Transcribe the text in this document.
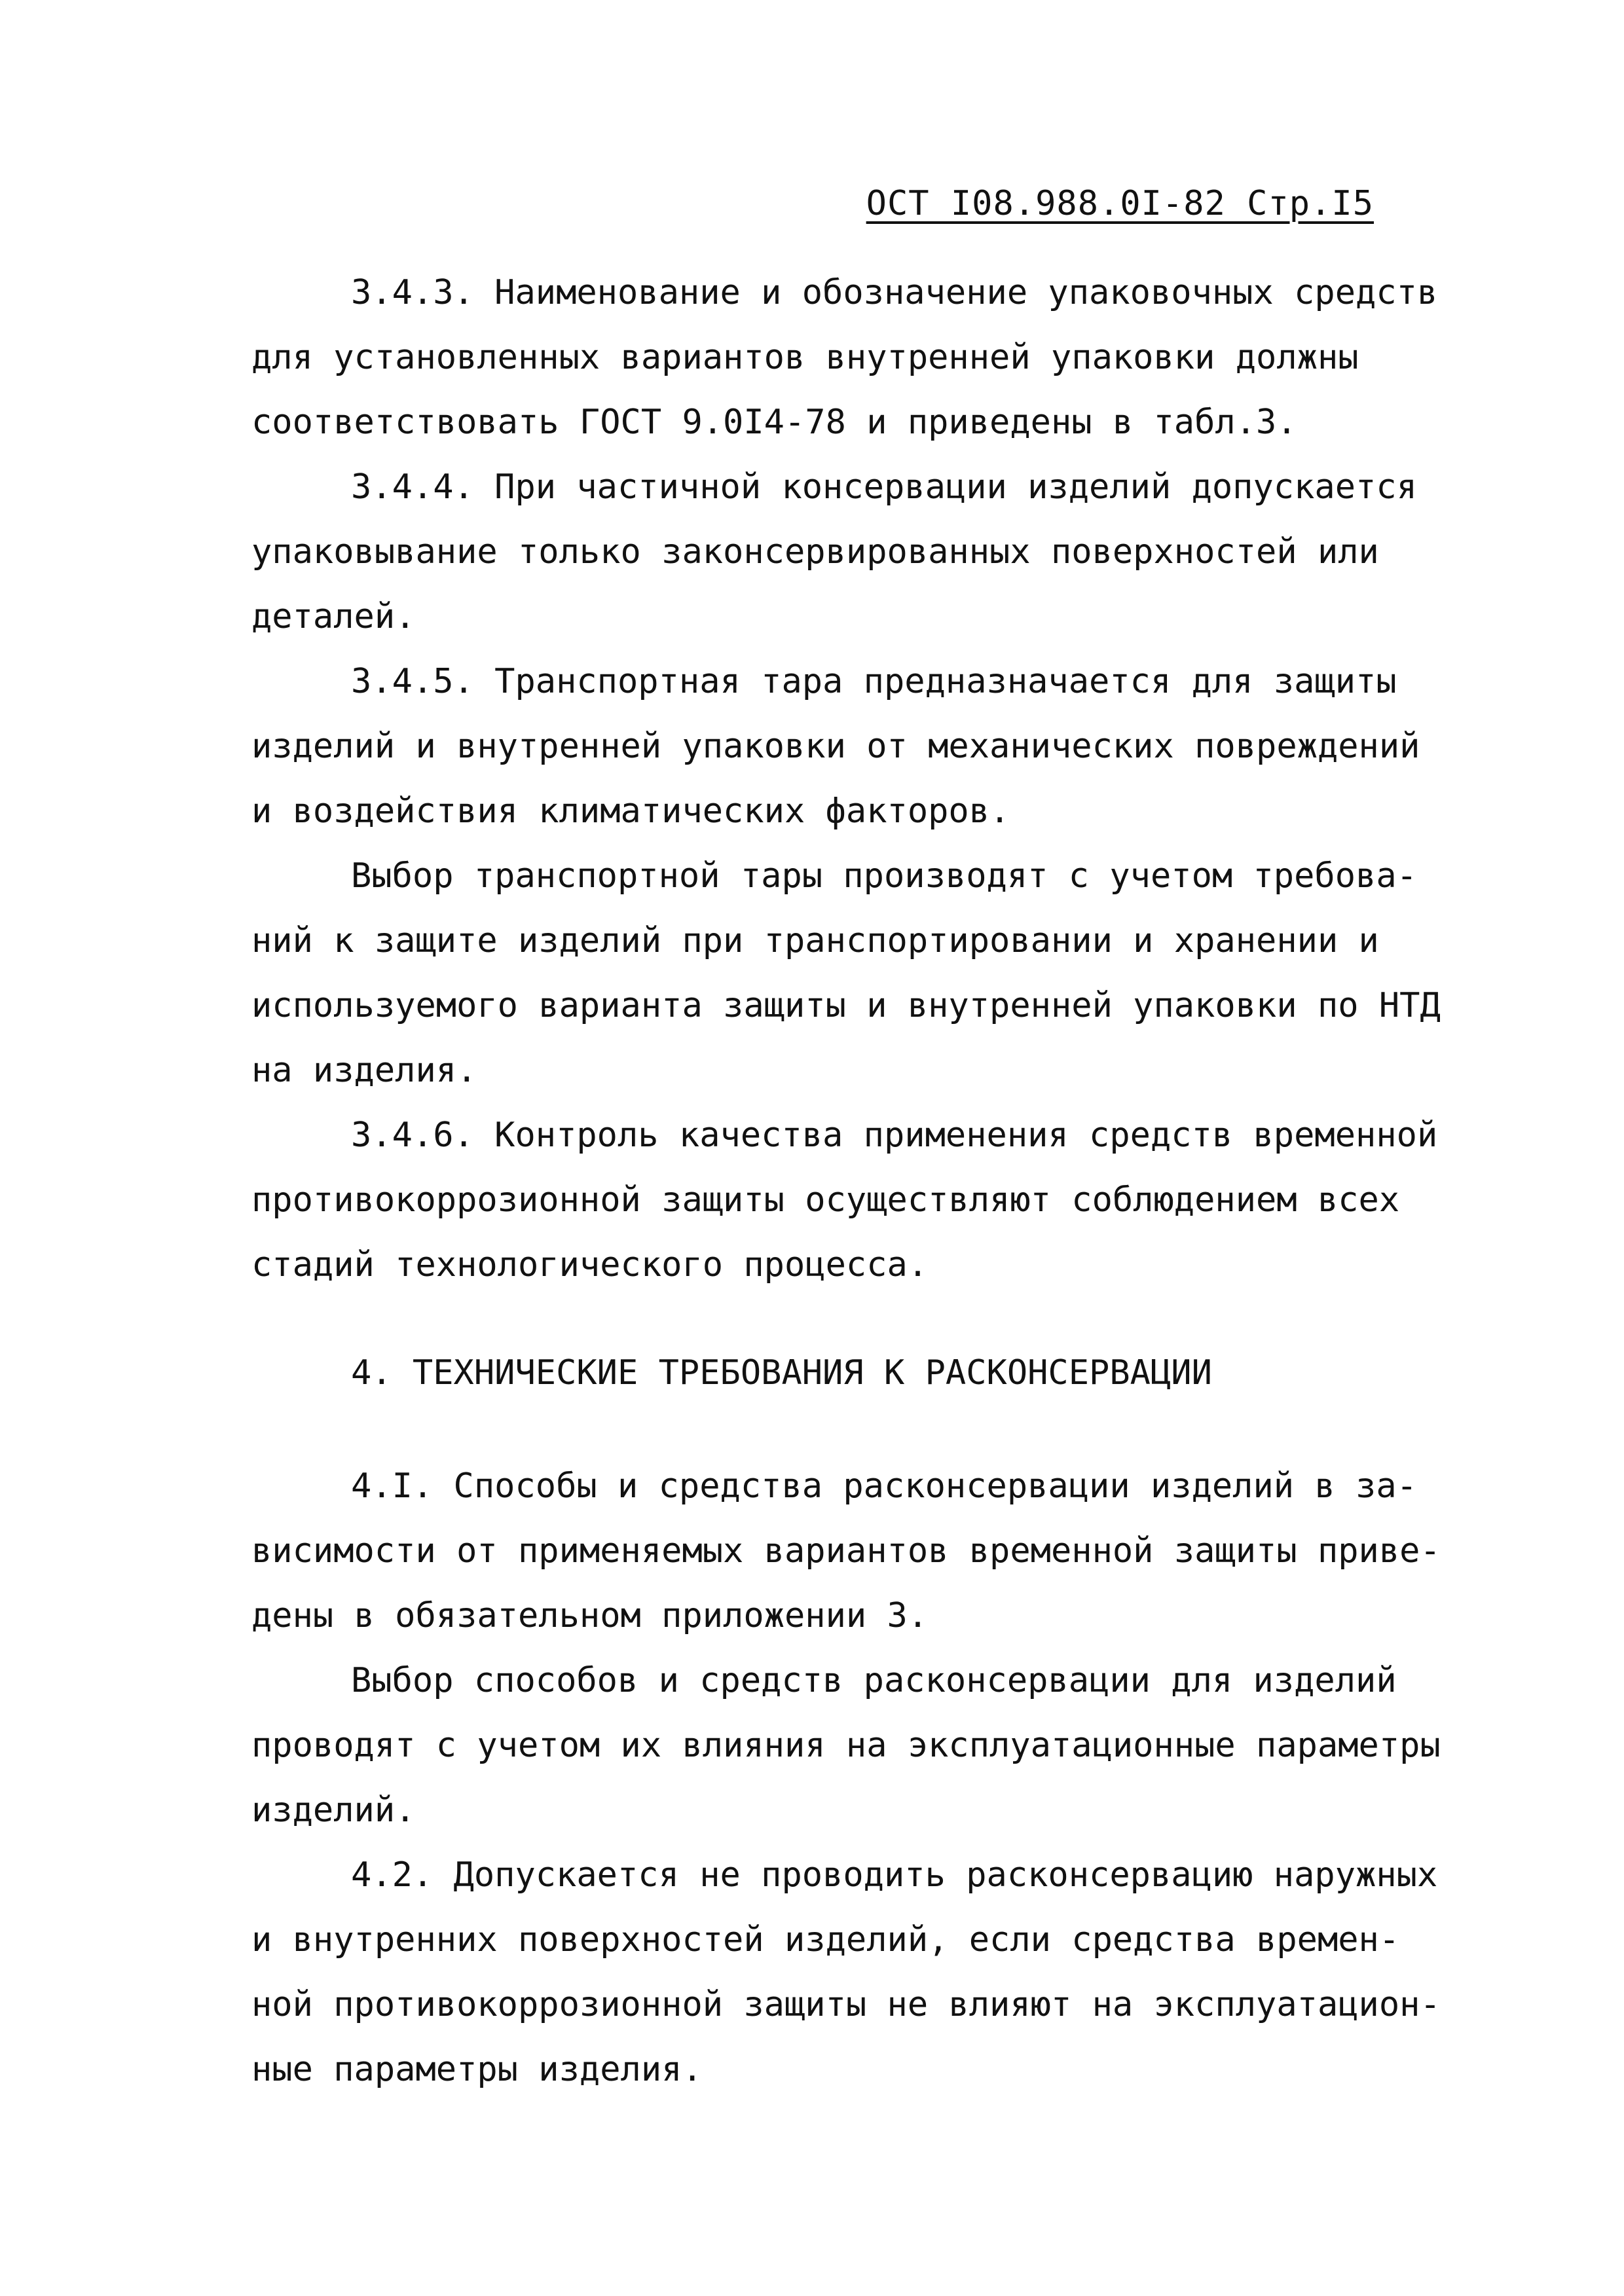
ОСТ I08.988.0I-82 Стр.I5
3.4.3. Наименование и обозначение упаковочных средств
для установленных вариантов внутренней упаковки должны
соответствовать ГОСТ 9.0I4-78 и приведены в табл.3.
3.4.4. При частичной консервации изделий допускается
упаковывание только законсервированных поверхностей или
деталей.
3.4.5. Транспортная тара предназначается для защиты
изделий и внутренней упаковки от механических повреждений
и воздействия климатических факторов.
Выбор транспортной тары производят с учетом требова-
ний к защите изделий при транспортировании и хранении и
используемого варианта защиты и внутренней упаковки по НТД
на изделия.
3.4.6. Контроль качества применения средств временной
противокоррозионной защиты осуществляют соблюдением всех
стадий технологического процесса.
4. ТЕХНИЧЕСКИЕ ТРЕБОВАНИЯ К РАСКОНСЕРВАЦИИ
4.I. Способы и средства расконсервации изделий в за-
висимости от применяемых вариантов временной защиты приве-
дены в обязательном приложении 3.
Выбор способов и средств расконсервации для изделий
проводят с учетом их влияния на эксплуатационные параметры
изделий.
4.2. Допускается не проводить расконсервацию наружных
и внутренних поверхностей изделий, если средства времен-
ной противокоррозионной защиты не влияют на эксплуатацион-
ные параметры изделия.
